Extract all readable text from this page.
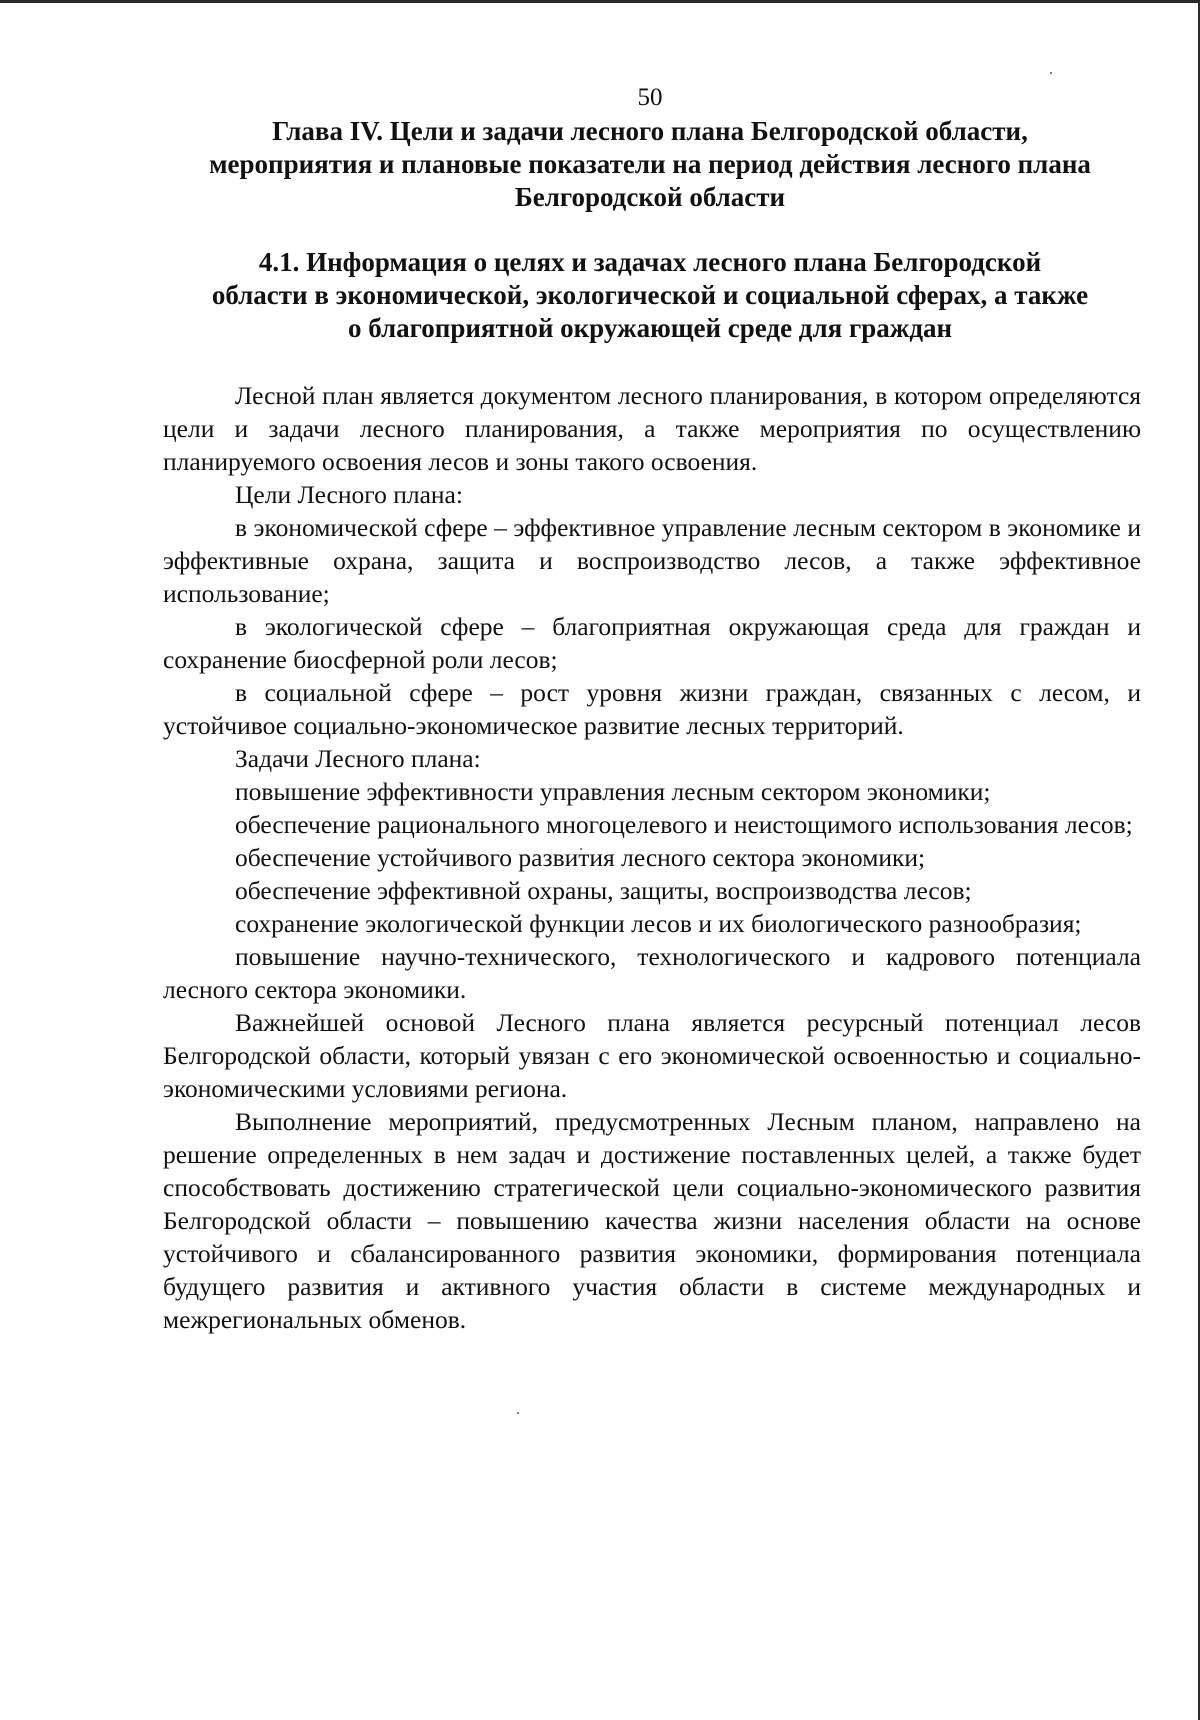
50
Глава IV. Цели и задачи лесного плана Белгородской области,
мероприятия и плановые показатели на период действия лесного плана
Белгородской области
4.1. Информация о целях и задачах лесного плана Белгородской
области в экономической, экологической и социальной сферах, а также
о благоприятной окружающей среде для граждан

Лесной план является документом лесного планирования, в котором определяются цели и задачи лесного планирования, а также мероприятия по осуществлению планируемого освоения лесов и зоны такого освоения.

Цели Лесного плана:

в экономической сфере – эффективное управление лесным сектором в экономике и эффективные охрана, защита и воспроизводство лесов, а также эффективное использование;

в экологической сфере – благоприятная окружающая среда для граждан и сохранение биосферной роли лесов;

в социальной сфере – рост уровня жизни граждан, связанных с лесом, и устойчивое социально-экономическое развитие лесных территорий.

Задачи Лесного плана:

повышение эффективности управления лесным сектором экономики;

обеспечение рационального многоцелевого и неистощимого использования лесов;

обеспечение устойчивого развития лесного сектора экономики;

обеспечение эффективной охраны, защиты, воспроизводства лесов;

сохранение экологической функции лесов и их биологического разнообразия;

повышение научно-технического, технологического и кадрового потенциала лесного сектора экономики.

Важнейшей основой Лесного плана является ресурсный потенциал лесов Белгородской области, который увязан с его экономической освоенностью и социально-экономическими условиями региона.

Выполнение мероприятий, предусмотренных Лесным планом, направлено на решение определенных в нем задач и достижение поставленных целей, а также будет способствовать достижению стратегической цели социально-экономического развития Белгородской области – повышению качества жизни населения области на основе устойчивого и сбалансированного развития экономики, формирования потенциала будущего развития и активного участия области в системе международных и межрегиональных обменов.
